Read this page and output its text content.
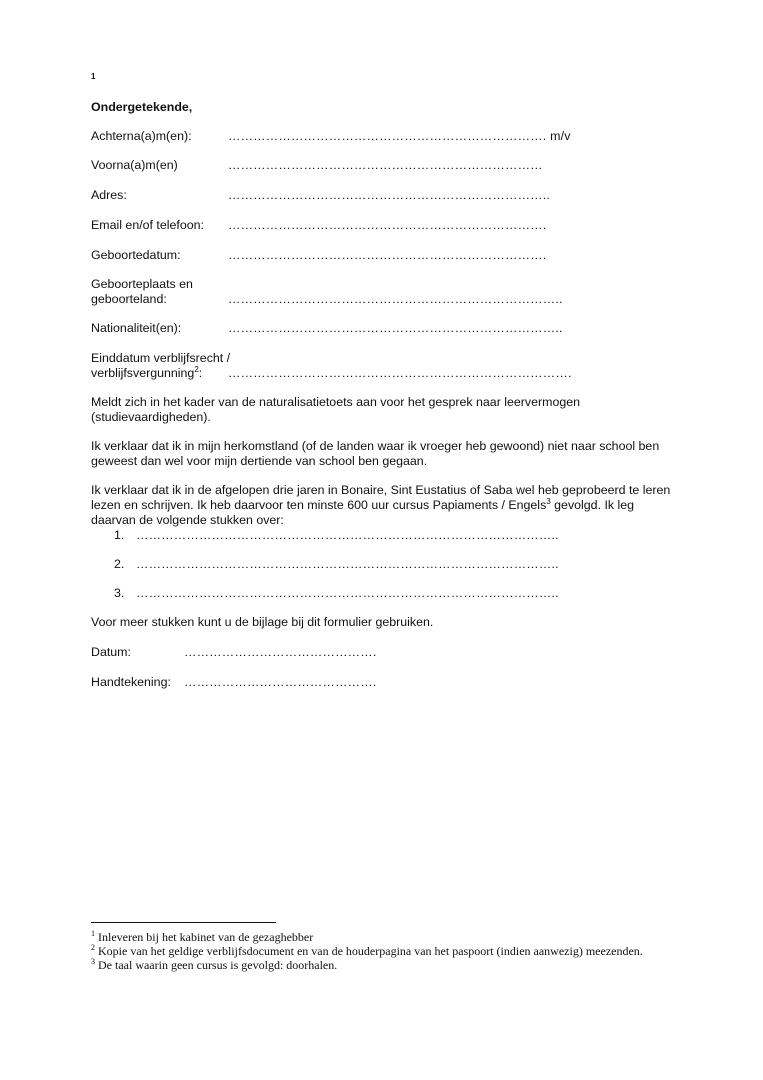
1
Ondergetekende,
Achterna(a)m(en):	…………………………………………………………………. m/v
Voorna(a)m(en)	…………………………………………………………………
Adres:	…………………………………………………………………..
Email en/of telefoon: ………………………………………………………………….
Geboortedatum:	………………………………………………………………….
Geboorteplaats en
geboorteland:	……………………………………………………………………..
Nationaliteit(en):	……………………………………………………………………..
Einddatum verblijfsrecht /
verblijfsvergunning$^2$:	……………………………………………………………………….
Meldt zich in het kader van de naturalisatietoets aan voor het gesprek naar leervermogen (studievaardigheden).
Ik verklaar dat ik in mijn herkomstland (of de landen waar ik vroeger heb gewoond) niet naar school ben geweest dan wel voor mijn dertiende van school ben gegaan.
Ik verklaar dat ik in de afgelopen drie jaren in Bonaire, Sint Eustatius of Saba wel heb geprobeerd te leren lezen en schrijven. Ik heb daarvoor ten minste 600 uur cursus Papiaments / Engels$^3$ gevolgd. Ik leg daarvan de volgende stukken over:
1. ………………………………………………………………………………………..
2. ………………………………………………………………………………………..
3. ………………………………………………………………………………………..
Voor meer stukken kunt u de bijlage bij dit formulier gebruiken.
Datum:	……………………………………….
Handtekening: ……………………………………….
$^1$ Inleveren bij het kabinet van de gezaghebber
$^2$ Kopie van het geldige verblijfsdocument en van de houderpagina van het paspoort (indien aanwezig) meezenden.
$^3$ De taal waarin geen cursus is gevolgd: doorhalen.
